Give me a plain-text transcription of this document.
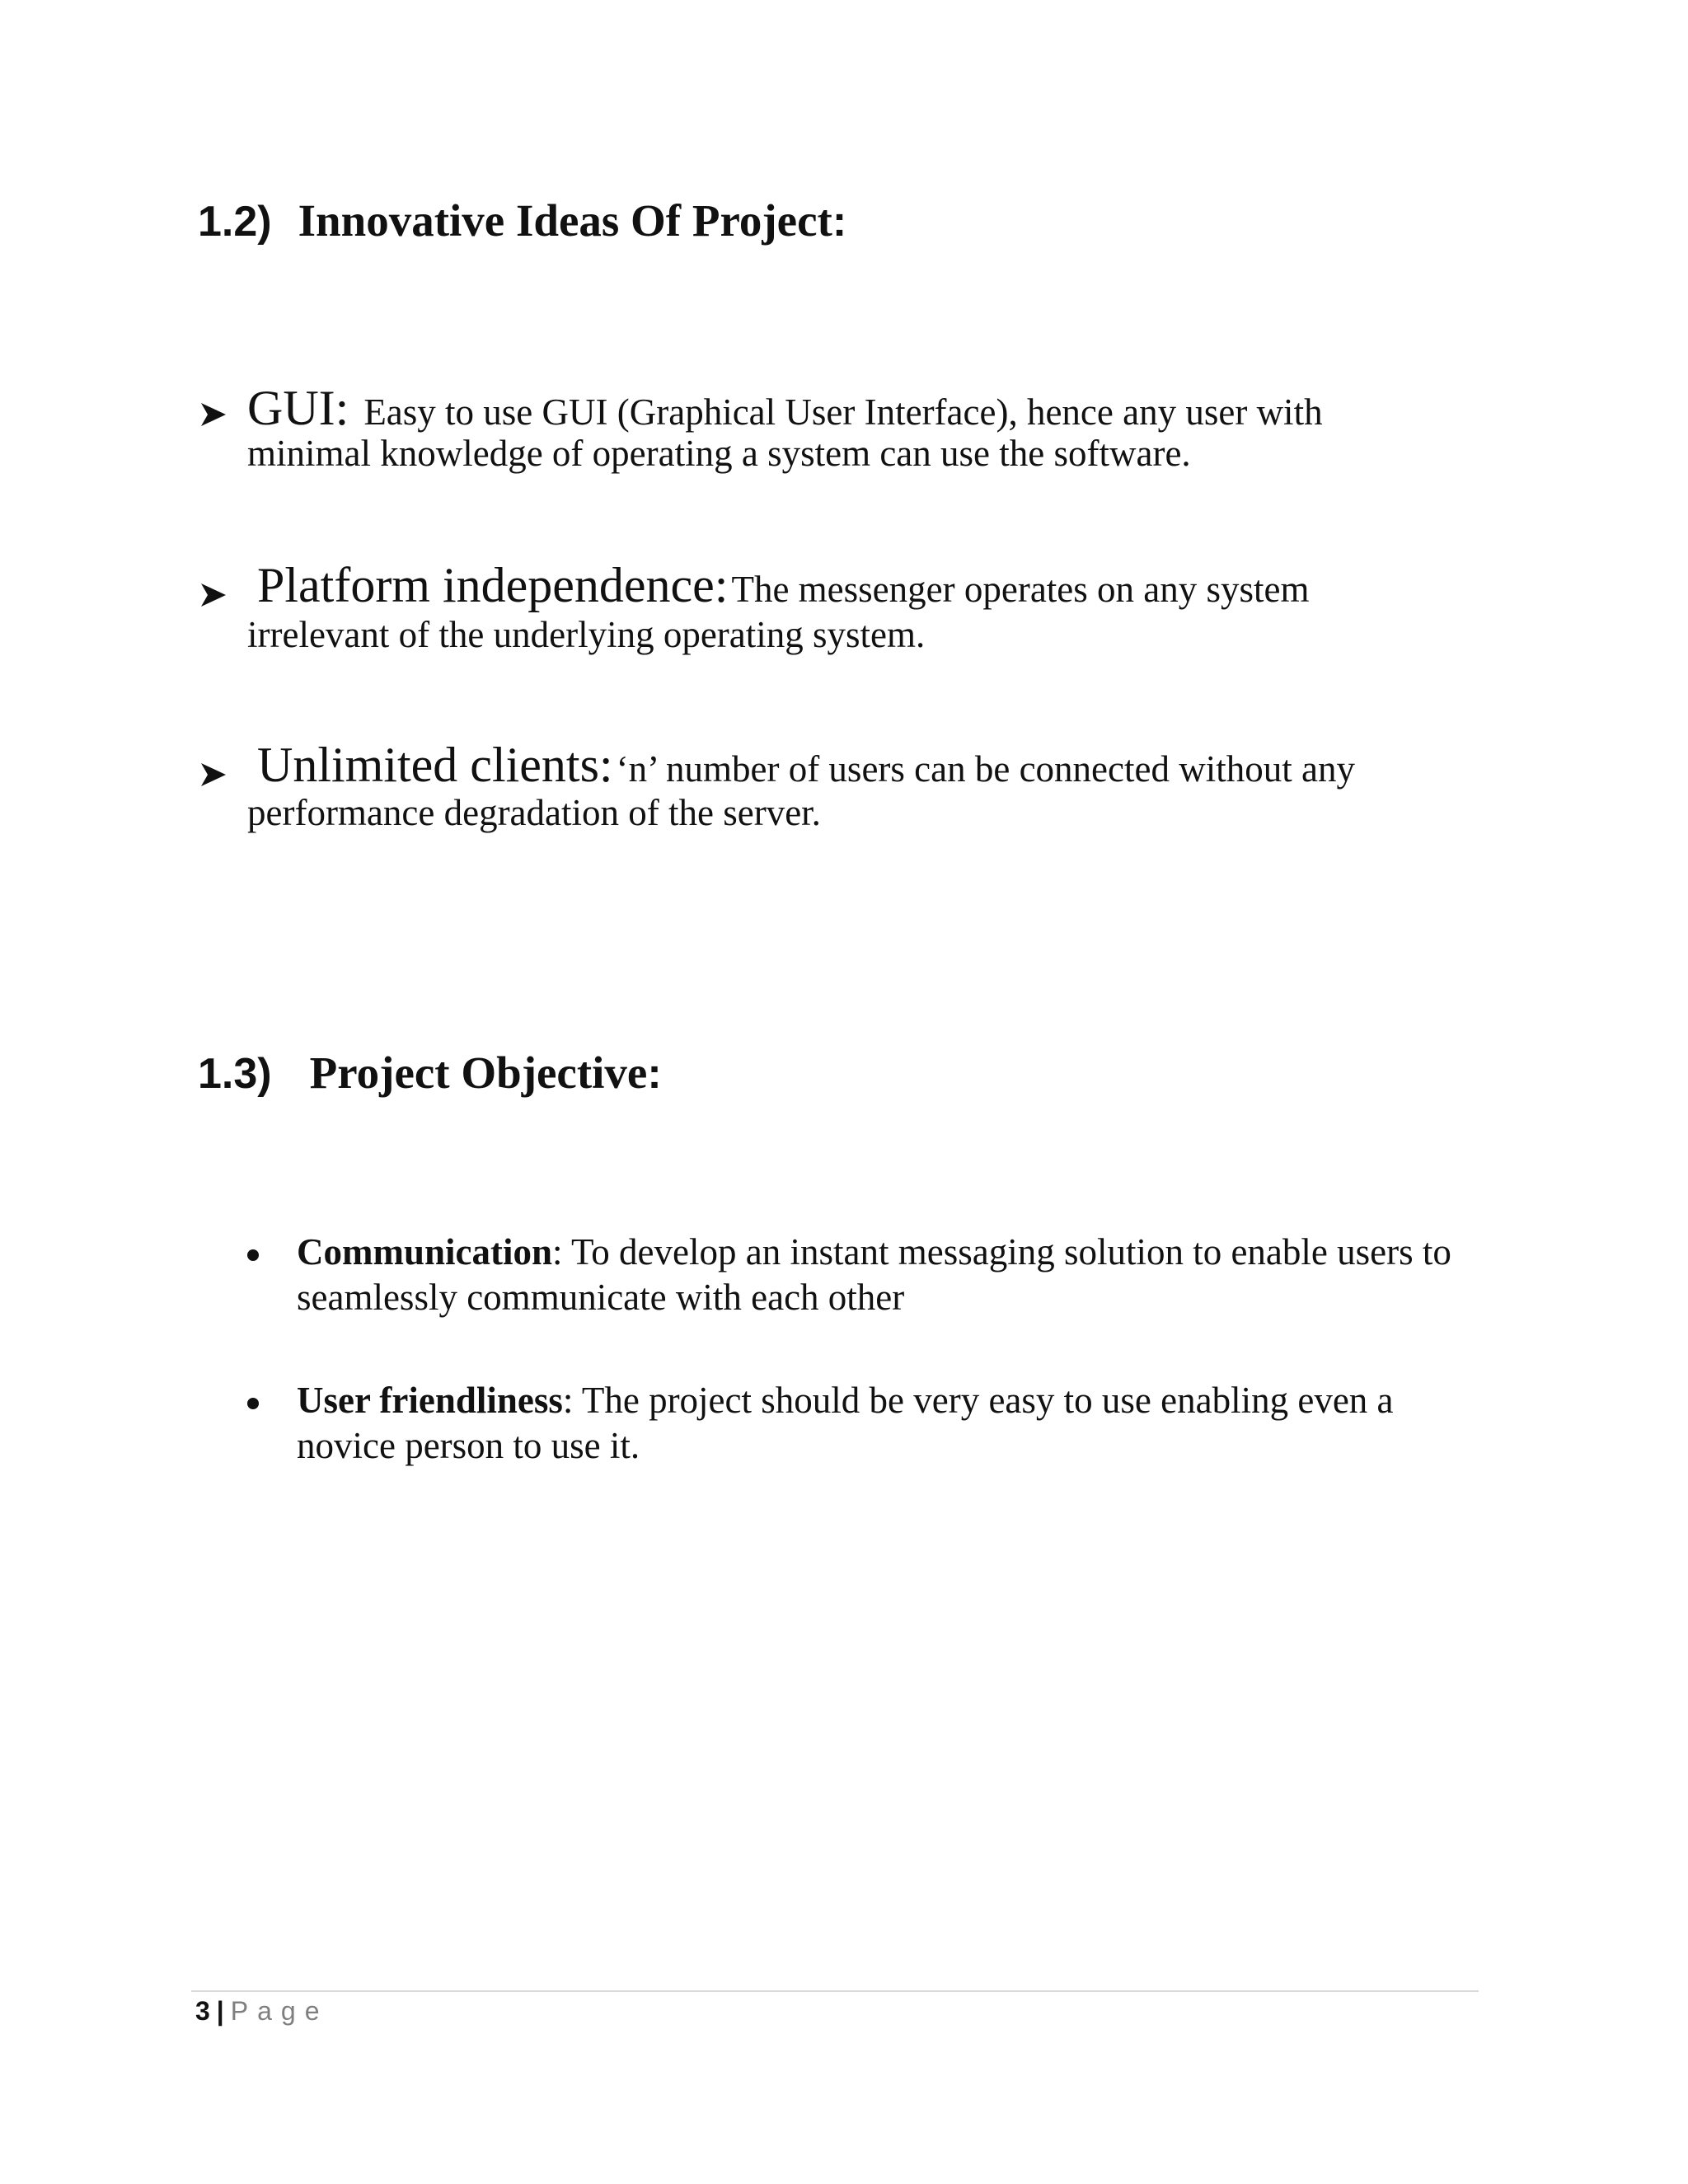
1.2) Innovative Ideas Of Project :
GUI: Easy to use GUI (Graphical User Interface), hence any user with
minimal knowledge of operating a system can use the software.
Platform independence: The messenger operates on any system
irrelevant of the underlying operating system.
Unlimited clients: ‘n’ number of users can be connected without any
performance degradation of the server.
1.3) Project Objective :
Communication: To develop an instant messaging solution to enable users to seamlessly communicate with each other
User friendliness: The project should be very easy to use enabling even a novice person to use it.
3 | Page
